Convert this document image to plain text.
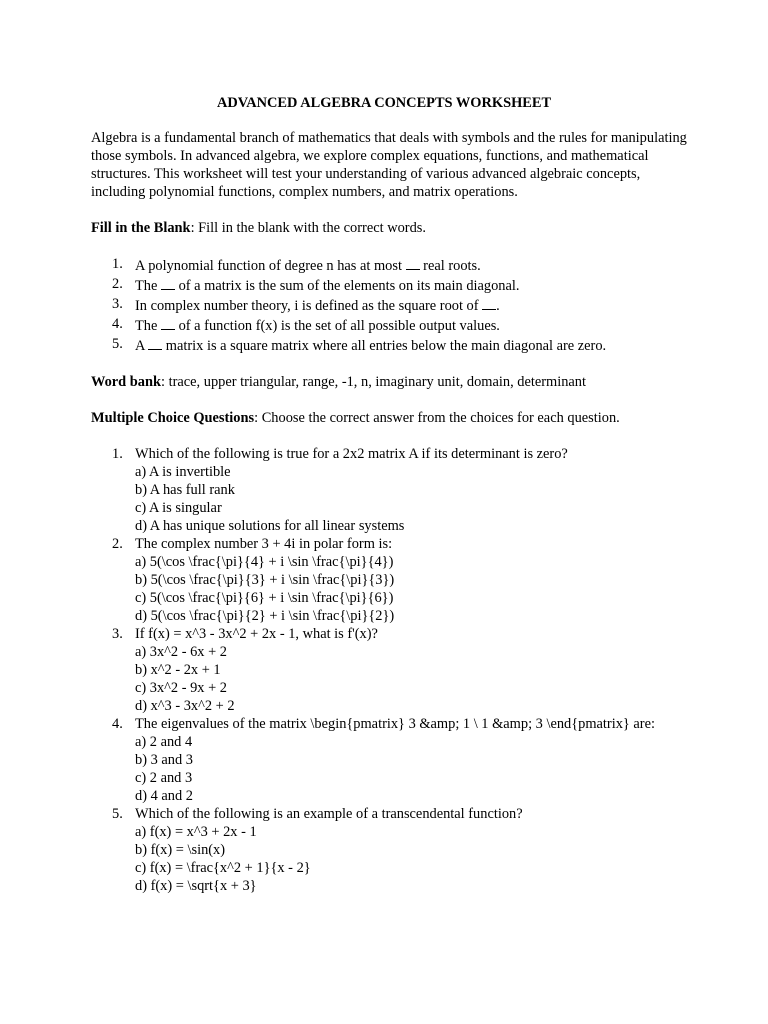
ADVANCED ALGEBRA CONCEPTS WORKSHEET

Algebra is a fundamental branch of mathematics that deals with symbols and the rules for manipulating those symbols. In advanced algebra, we explore complex equations, functions, and mathematical structures. This worksheet will test your understanding of various advanced algebraic concepts, including polynomial functions, complex numbers, and matrix operations.

Fill in the Blank: Fill in the blank with the correct words.

1. A polynomial function of degree n has at most  real roots.
2. The  of a matrix is the sum of the elements on its main diagonal.
3. In complex number theory, i is defined as the square root of .
4. The  of a function f(x) is the set of all possible output values.
5. A  matrix is a square matrix where all entries below the main diagonal are zero.

Word bank: trace, upper triangular, range, -1, n, imaginary unit, domain, determinant

Multiple Choice Questions: Choose the correct answer from the choices for each question.

1. Which of the following is true for a 2x2 matrix A if its determinant is zero?
a) A is invertible
b) A has full rank
c) A is singular
d) A has unique solutions for all linear systems
2. The complex number 3 + 4i in polar form is:
a) 5(\cos \frac{\pi}{4} + i \sin \frac{\pi}{4})
b) 5(\cos \frac{\pi}{3} + i \sin \frac{\pi}{3})
c) 5(\cos \frac{\pi}{6} + i \sin \frac{\pi}{6})
d) 5(\cos \frac{\pi}{2} + i \sin \frac{\pi}{2})
3. If f(x) = x^3 - 3x^2 + 2x - 1, what is f'(x)?
a) 3x^2 - 6x + 2
b) x^2 - 2x + 1
c) 3x^2 - 9x + 2
d) x^3 - 3x^2 + 2
4. The eigenvalues of the matrix \begin{pmatrix} 3 &amp; 1 \ 1 &amp; 3 \end{pmatrix} are:
a) 2 and 4
b) 3 and 3
c) 2 and 3
d) 4 and 2
5. Which of the following is an example of a transcendental function?
a) f(x) = x^3 + 2x - 1
b) f(x) = \sin(x)
c) f(x) = \frac{x^2 + 1}{x - 2}
d) f(x) = \sqrt{x + 3}
